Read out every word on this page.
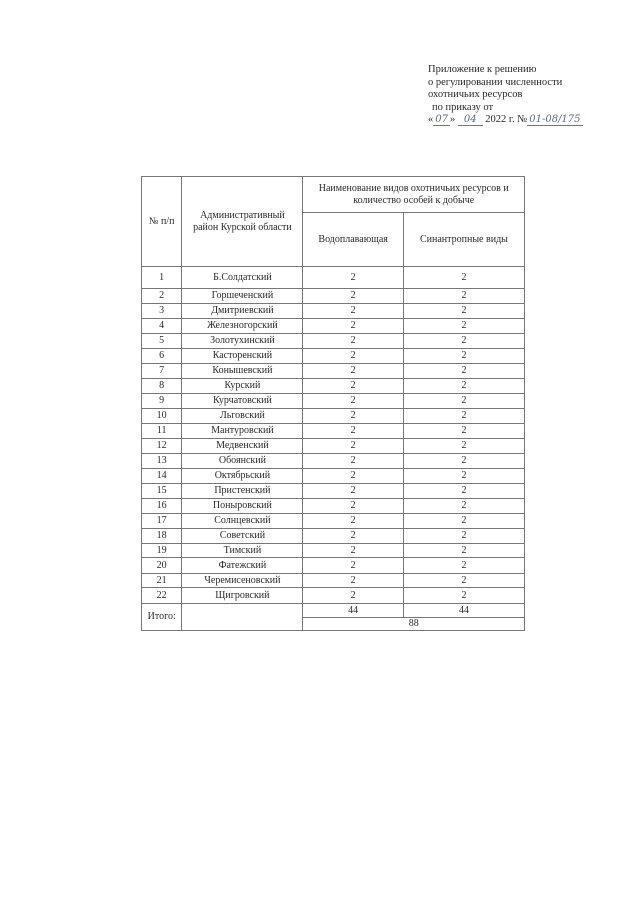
Приложение к решению
о регулировании численности
охотничьих ресурсов
по приказу от
« 07 » 04 2022 г. № 01-08/175
№ п/п	Административный район Курской области	Наименование видов охотничьих ресурсов и количество особей к добыче	
		Водоплавающая	Синантропные виды
1	Б.Солдатский	2	2
2	Горшеченский	2	2
3	Дмитриевский	2	2
4	Железногорский	2	2
5	Золотухинский	2	2
6	Касторенский	2	2
7	Конышевский	2	2
8	Курский	2	2
9	Курчатовский	2	2
10	Льговский	2	2
11	Мантуровский	2	2
12	Медвенский	2	2
13	Обоянский	2	2
14	Октябрьский	2	2
15	Пристенский	2	2
16	Поныровский	2	2
17	Солнцевский	2	2
18	Советский	2	2
19	Тимский	2	2
20	Фатежский	2	2
21	Черемисеновский	2	2
22	Щигровский	2	2
Итого:		44	44
		88	
